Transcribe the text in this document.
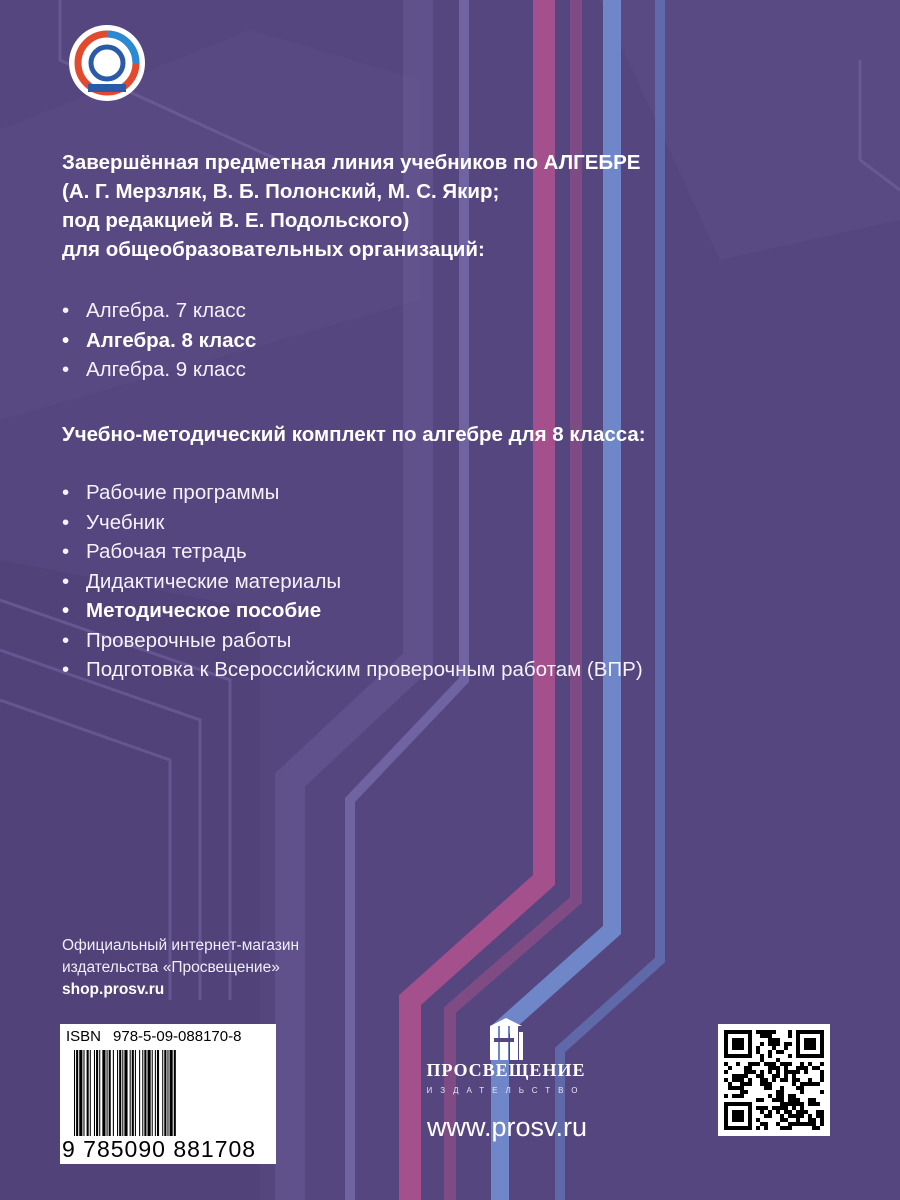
Завершённая предметная линия учебников по АЛГЕБРЕ
(А. Г. Мерзляк, В. Б. Полонский, М. С. Якир;
под редакцией В. Е. Подольского)
для общеобразовательных организаций:
• Алгебра. 7 класс
• Алгебра. 8 класс
• Алгебра. 9 класс
Учебно-методический комплект по алгебре для 8 класса:
• Рабочие программы
• Учебник
• Рабочая тетрадь
• Дидактические материалы
• Методическое пособие
• Проверочные работы
• Подготовка к Всероссийским проверочным работам (ВПР)
Официальный интернет-магазин
издательства «Просвещение»
shop.prosv.ru
ISBN 978-5-09-088170-8
9 785090 881708
ПРОСВЕЩЕНИЕ
ИЗДАТЕЛЬСТВО
www.prosv.ru
